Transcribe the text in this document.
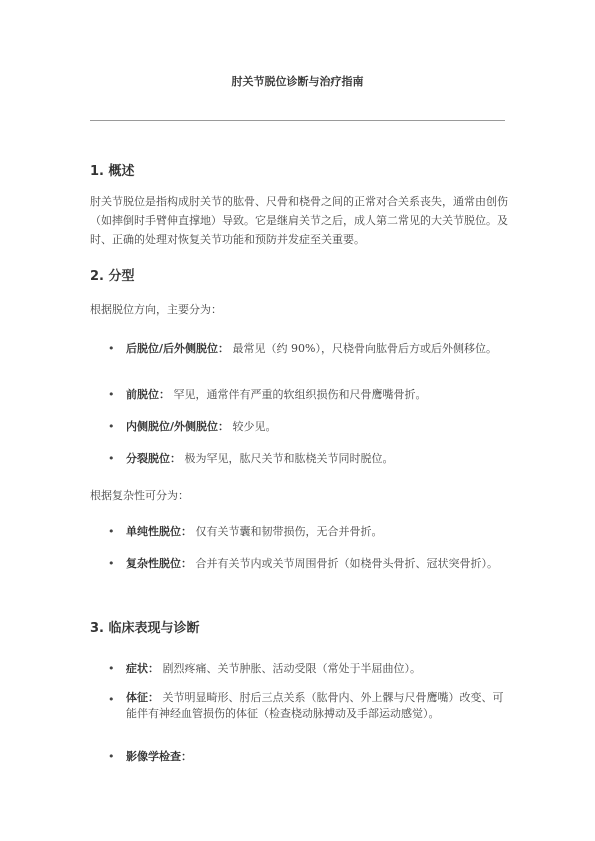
肘关节脱位诊断与治疗指南
1. 概述
肘关节脱位是指构成肘关节的肱骨、尺骨和桡骨之间的正常对合关系丧失，通常由创伤（如摔倒时手臂伸直撑地）导致。它是继肩关节之后，成人第二常见的大关节脱位。及时、正确的处理对恢复关节功能和预防并发症至关重要。
2. 分型
根据脱位方向，主要分为：
•	后脱位/后外侧脱位： 最常见（约 90%），尺桡骨向肱骨后方或后外侧移位。
•	前脱位： 罕见，通常伴有严重的软组织损伤和尺骨鹰嘴骨折。
•	内侧脱位/外侧脱位： 较少见。
•	分裂脱位： 极为罕见，肱尺关节和肱桡关节同时脱位。
根据复杂性可分为：
•	单纯性脱位： 仅有关节囊和韧带损伤，无合并骨折。
•	复杂性脱位： 合并有关节内或关节周围骨折（如桡骨头骨折、冠状突骨折）。
3. 临床表现与诊断
•	症状： 剧烈疼痛、关节肿胀、活动受限（常处于半屈曲位）。
•	体征： 关节明显畸形、肘后三点关系（肱骨内、外上髁与尺骨鹰嘴）改变、可能伴有神经血管损伤的体征（检查桡动脉搏动及手部运动感觉）。
•	影像学检查：
